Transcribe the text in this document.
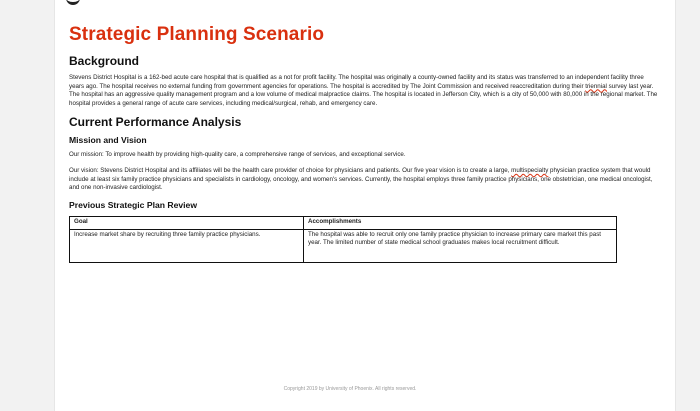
Strategic Planning Scenario
Background

Stevens District Hospital is a 162-bed acute care hospital that is qualified as a not for profit facility. The hospital was originally a county-owned facility and its status was transferred to an independent facility three years ago. The hospital receives no external funding from government agencies for operations. The hospital is accredited by The Joint Commission and received reaccreditation during their triennial survey last year. The hospital has an aggressive quality management program and a low volume of medical malpractice claims. The hospital is located in Jefferson City, which is a city of 50,000 with 80,000 in the regional market. The hospital provides a general range of acute care services, including medical/surgical, rehab, and emergency care.

Current Performance Analysis
Mission and Vision

Our mission: To improve health by providing high-quality care, a comprehensive range of services, and exceptional service.

Our vision: Stevens District Hospital and its affiliates will be the health care provider of choice for physicians and patients. Our five year vision is to create a large, multispecialty physician practice system that would include at least six family practice physicians and specialists in cardiology, oncology, and women's services. Currently, the hospital employs three family practice physicians, one obstetrician, one medical oncologist, and one non-invasive cardiologist.

Previous Strategic Plan Review
Goal	Accomplishments
Increase market share by recruiting three family practice physicians.	The hospital was able to recruit only one family practice physician to increase primary care market this past year. The limited number of state medical school graduates makes local recruitment difficult.
Copyright 2019 by University of Phoenix. All rights reserved.
